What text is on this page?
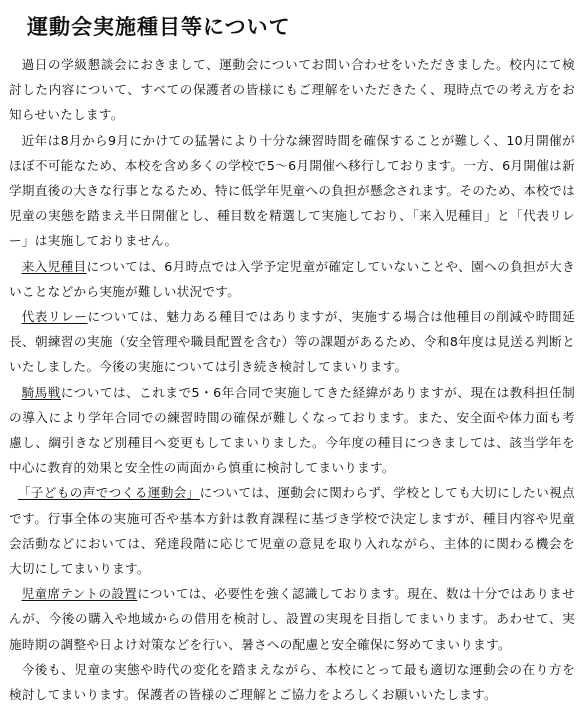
運動会実施種目等について

過日の学級懇談会におきまして、運動会についてお問い合わせをいただきました。校内にて検討した内容について、すべての保護者の皆様にもご理解をいただきたく、現時点での考え方をお知らせいたします。

近年は8月から9月にかけての猛暑により十分な練習時間を確保することが難しく、10月開催がほぼ不可能なため、本校を含め多くの学校で5～6月開催へ移行しております。一方、6月開催は新学期直後の大きな行事となるため、特に低学年児童への負担が懸念されます。そのため、本校では児童の実態を踏まえ半日開催とし、種目数を精選して実施しており、「来入児種目」と「代表リレー」は実施しておりません。

来入児種目については、6月時点では入学予定児童が確定していないことや、園への負担が大きいことなどから実施が難しい状況です。

代表リレーについては、魅力ある種目ではありますが、実施する場合は他種目の削減や時間延長、朝練習の実施（安全管理や職員配置を含む）等の課題があるため、令和8年度は見送る判断といたしました。今後の実施については引き続き検討してまいります。

騎馬戦については、これまで5・6年合同で実施してきた経緯がありますが、現在は教科担任制の導入により学年合同での練習時間の確保が難しくなっております。また、安全面や体力面も考慮し、綱引きなど別種目へ変更もしてまいりました。今年度の種目につきましては、該当学年を中心に教育的効果と安全性の両面から慎重に検討してまいります。

「子どもの声でつくる運動会」については、運動会に関わらず、学校としても大切にしたい視点です。行事全体の実施可否や基本方針は教育課程に基づき学校で決定しますが、種目内容や児童会活動などにおいては、発達段階に応じて児童の意見を取り入れながら、主体的に関わる機会を大切にしてまいります。

児童席テントの設置については、必要性を強く認識しております。現在、数は十分ではありませんが、今後の購入や地域からの借用を検討し、設置の実現を目指してまいります。あわせて、実施時期の調整や日よけ対策などを行い、暑さへの配慮と安全確保に努めてまいります。

今後も、児童の実態や時代の変化を踏まえながら、本校にとって最も適切な運動会の在り方を検討してまいります。保護者の皆様のご理解とご協力をよろしくお願いいたします。
